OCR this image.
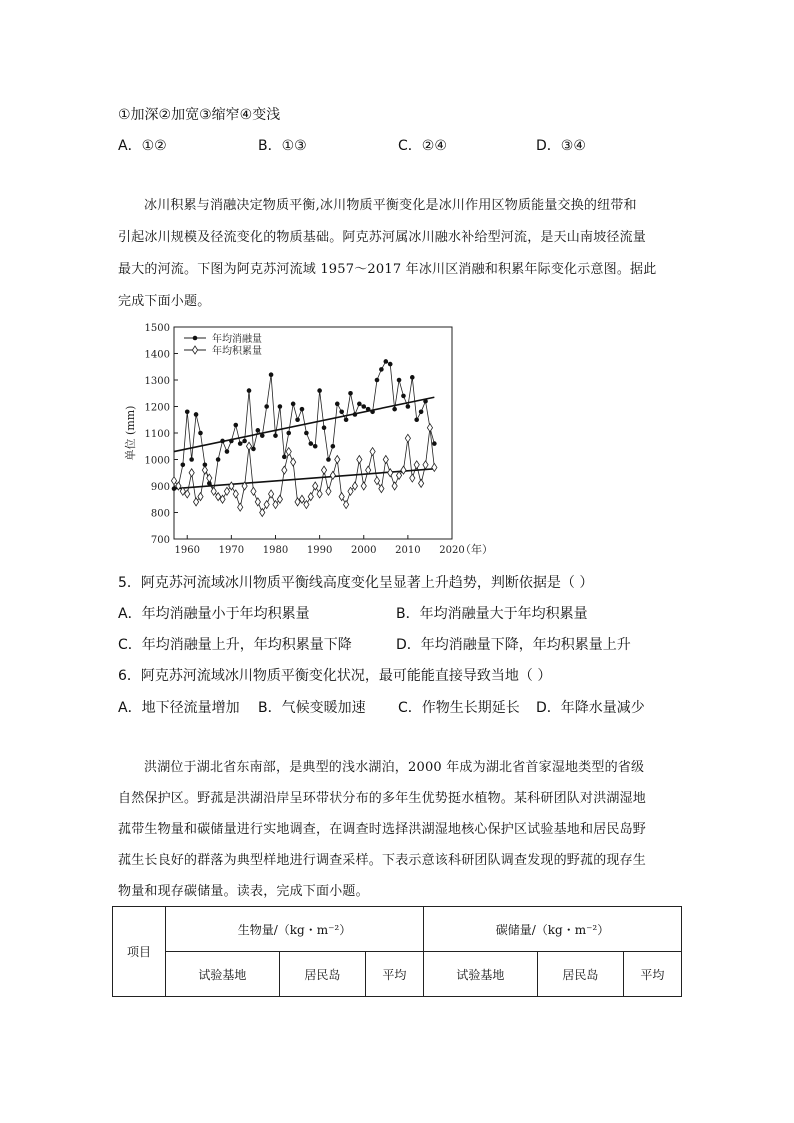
①加深②加宽③缩窄④变浅
A．①②	B．①③	C．②④	D．③④
冰川积累与消融决定物质平衡,冰川物质平衡变化是冰川作用区物质能量交换的纽带和
引起冰川规模及径流变化的物质基础。阿克苏河属冰川融水补给型河流，是天山南坡径流量
最大的河流。下图为阿克苏河流域 1957～2017 年冰川区消融和积累年际变化示意图。据此
完成下面小题。
700
800
900
1000
1100
1200
1300
1400
1500
1960 1970 1980 1990 2000 2010 2020
单位 (mm)
（年）
年均消融量
年均积累量
5．阿克苏河流域冰川物质平衡线高度变化呈显著上升趋势，判断依据是（ ）
A．年均消融量小于年均积累量	B．年均消融量大于年均积累量
C．年均消融量上升，年均积累量下降	D．年均消融量下降，年均积累量上升
6．阿克苏河流域冰川物质平衡变化状况，最可能能直接导致当地（ ）
A．地下径流量增加 B．气候变暖加速 C．作物生长期延长 D．年降水量减少
洪湖位于湖北省东南部，是典型的浅水湖泊，2000 年成为湖北省首家湿地类型的省级
自然保护区。野菰是洪湖沿岸呈环带状分布的多年生优势挺水植物。某科研团队对洪湖湿地
菰带生物量和碳储量进行实地调查，在调查时选择洪湖湿地核心保护区试验基地和居民岛野
菰生长良好的群落为典型样地进行调查采样。下表示意该科研团队调查发现的野菰的现存生
物量和现存碳储量。读表，完成下面小题。
项目	生物量/（kg・m⁻²）			碳储量/（kg・m⁻²）		
	试验基地	居民岛	平均	试验基地	居民岛	平均
